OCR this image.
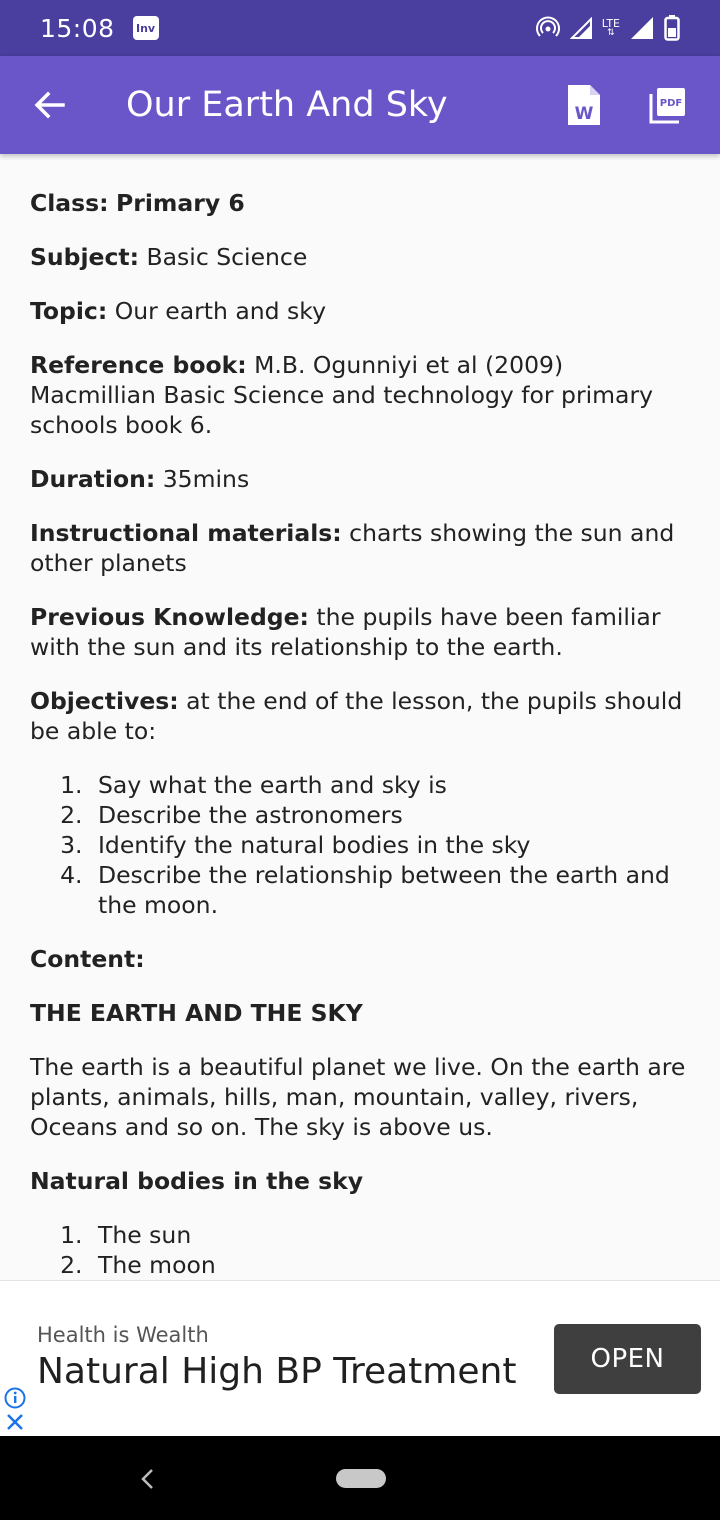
15:08	Inv	LTE
⇅
Our Earth And Sky	W
PDF

Class: Primary 6

Subject: Basic Science

Topic: Our earth and sky

Reference book: M.B. Ogunniyi et al (2009) Macmillian Basic Science and technology for primary schools book 6.

Duration: 35mins

Instructional materials: charts showing the sun and other planets

Previous Knowledge: the pupils have been familiar with the sun and its relationship to the earth.

Objectives: at the end of the lesson, the pupils should be able to:

1. Say what the earth and sky is
2. Describe the astronomers
3. Identify the natural bodies in the sky
4. Describe the relationship between the earth and the moon.

Content:

THE EARTH AND THE SKY

The earth is a beautiful planet we live. On the earth are plants, animals, hills, man, mountain, valley, rivers, Oceans and so on. The sky is above us.

Natural bodies in the sky

1. The sun
2. The moon
Health is Wealth
Natural High BP Treatment	OPEN
